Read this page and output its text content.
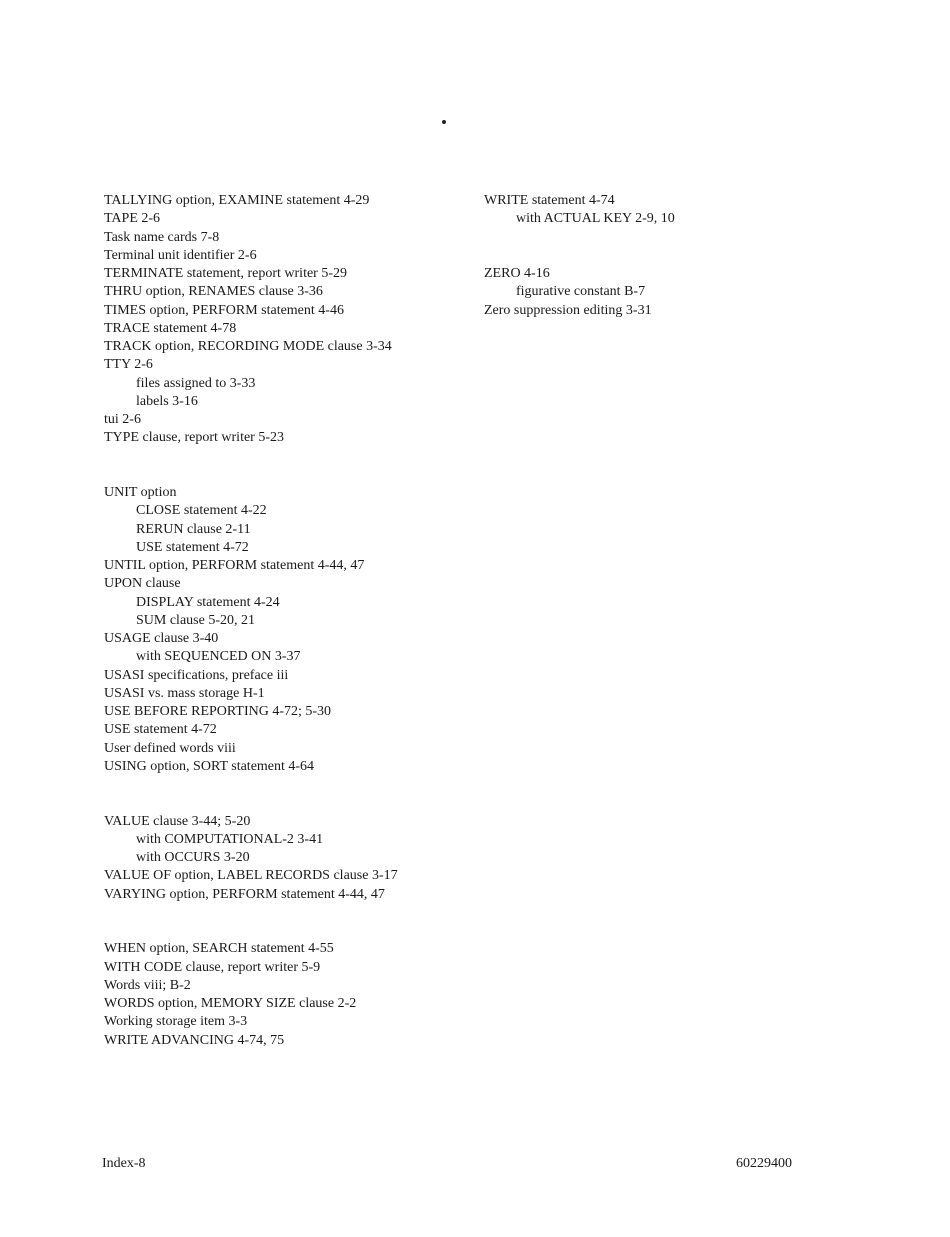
TALLYING option, EXAMINE statement 4-29
TAPE 2-6
Task name cards 7-8
Terminal unit identifier 2-6
TERMINATE statement, report writer 5-29
THRU option, RENAMES clause 3-36
TIMES option, PERFORM statement 4-46
TRACE statement 4-78
TRACK option, RECORDING MODE clause 3-34
TTY 2-6
files assigned to 3-33
labels 3-16
tui 2-6
TYPE clause, report writer 5-23
UNIT option
CLOSE statement 4-22
RERUN clause 2-11
USE statement 4-72
UNTIL option, PERFORM statement 4-44, 47
UPON clause
DISPLAY statement 4-24
SUM clause 5-20, 21
USAGE clause 3-40
with SEQUENCED ON 3-37
USASI specifications, preface iii
USASI vs. mass storage H-1
USE BEFORE REPORTING 4-72; 5-30
USE statement 4-72
User defined words viii
USING option, SORT statement 4-64
VALUE clause 3-44; 5-20
with COMPUTATIONAL-2 3-41
with OCCURS 3-20
VALUE OF option, LABEL RECORDS clause 3-17
VARYING option, PERFORM statement 4-44, 47
WHEN option, SEARCH statement 4-55
WITH CODE clause, report writer 5-9
Words viii; B-2
WORDS option, MEMORY SIZE clause 2-2
Working storage item 3-3
WRITE ADVANCING 4-74, 75
WRITE statement 4-74
with ACTUAL KEY 2-9, 10
ZERO 4-16
figurative constant B-7
Zero suppression editing 3-31
Index-8	60229400
